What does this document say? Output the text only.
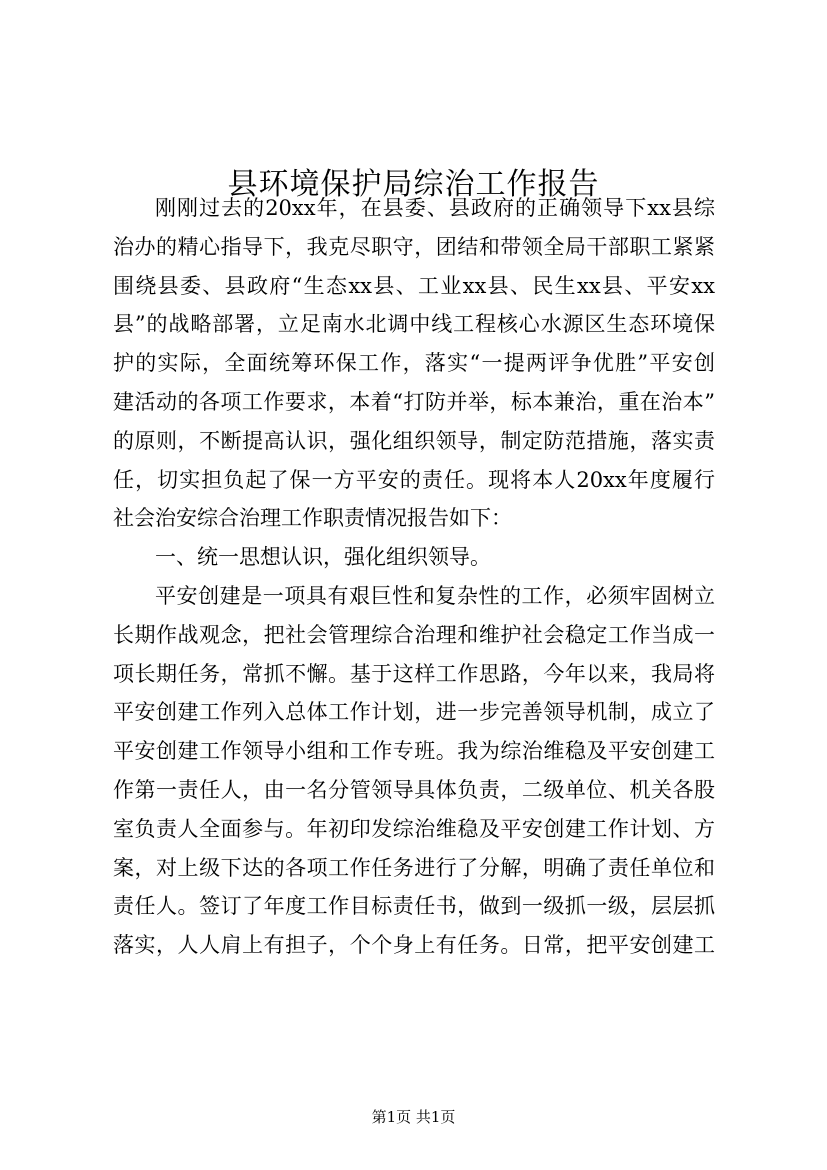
县环境保护局综治工作报告
刚刚过去的20xx年，在县委、县政府的正确领导下xx县综
治办的精心指导下，我克尽职守，团结和带领全局干部职工紧紧
围绕县委、县政府“生态xx县、工业xx县、民生xx县、平安xx
县”的战略部署，立足南水北调中线工程核心水源区生态环境保
护的实际，全面统筹环保工作，落实“一提两评争优胜”平安创
建活动的各项工作要求，本着“打防并举，标本兼治，重在治本”
的原则，不断提高认识，强化组织领导，制定防范措施，落实责
任，切实担负起了保一方平安的责任。现将本人20xx年度履行
社会治安综合治理工作职责情况报告如下：
一、统一思想认识，强化组织领导。
平安创建是一项具有艰巨性和复杂性的工作，必须牢固树立
长期作战观念，把社会管理综合治理和维护社会稳定工作当成一
项长期任务，常抓不懈。基于这样工作思路，今年以来，我局将
平安创建工作列入总体工作计划，进一步完善领导机制，成立了
平安创建工作领导小组和工作专班。我为综治维稳及平安创建工
作第一责任人，由一名分管领导具体负责，二级单位、机关各股
室负责人全面参与。年初印发综治维稳及平安创建工作计划、方
案，对上级下达的各项工作任务进行了分解，明确了责任单位和
责任人。签订了年度工作目标责任书，做到一级抓一级，层层抓
落实，人人肩上有担子，个个身上有任务。日常，把平安创建工
第1页 共1页
